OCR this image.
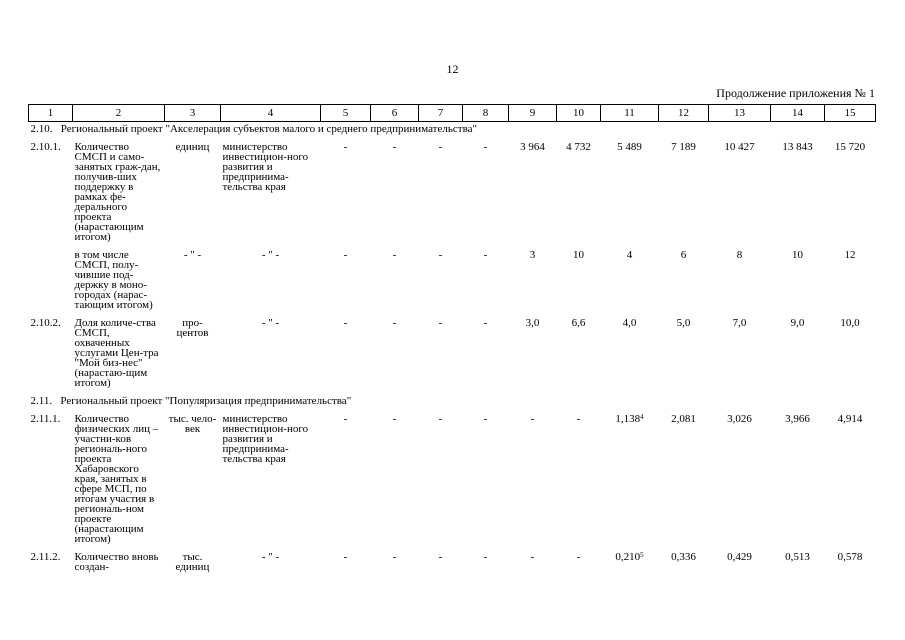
12
Продолжение приложения № 1
1	2	3	4	5	6	7	8	9	10	11	12	13	14	15
2.10. Региональный проект "Акселерация субъектов малого и среднего предпринимательства"														
2.10.1.	Количество СМСП и само-занятых граж-дан, получив-ших поддержку в рамках фе-дерального проекта (нарастающим итогом)	единиц	министерство инвестицион-ного развития и предпринима-тельства края	-	-	-	-	3 964	4 732	5 489	7 189	10 427	13 843	15 720
	в том числе СМСП, полу-чившие под-держку в моно-городах (нарас-тающим итогом)	- " -	- " -	-	-	-	-	3	10	4	6	8	10	12
2.10.2.	Доля количе-ства СМСП, охваченных услугами Цен-тра "Мой биз-нес" (нарастаю-щим итогом)	про-центов	- " -	-	-	-	-	3,0	6,6	4,0	5,0	7,0	9,0	10,0
2.11. Региональный проект "Популяризация предпринимательства"														
2.11.1.	Количество физических лиц – участни-ков региональ-ного проекта Хабаровского края, занятых в сфере МСП, по итогам участия в региональ-ном проекте (нарастающим итогом)	тыс. чело-век	министерство инвестицион-ного развития и предпринима-тельства края	-	-	-	-	-	-	1,138$^4$	2,081	3,026	3,966	4,914
2.11.2.	Количество вновь создан-	тыс. единиц	- " -	-	-	-	-	-	-	0,210$^5$	0,336	0,429	0,513	0,578
